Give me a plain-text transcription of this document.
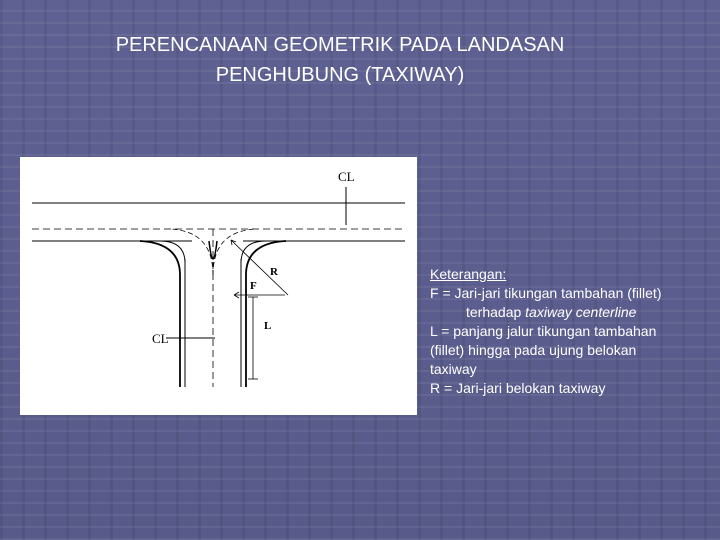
PERENCANAAN GEOMETRIK PADA LANDASAN
PENGHUBUNG (TAXIWAY)
CL
CL
R
F
L
Keterangan:
F = Jari-jari tikungan tambahan (fillet)
terhadap taxiway centerline
L = panjang jalur tikungan tambahan
(fillet) hingga pada ujung belokan
taxiway
R = Jari-jari belokan taxiway
